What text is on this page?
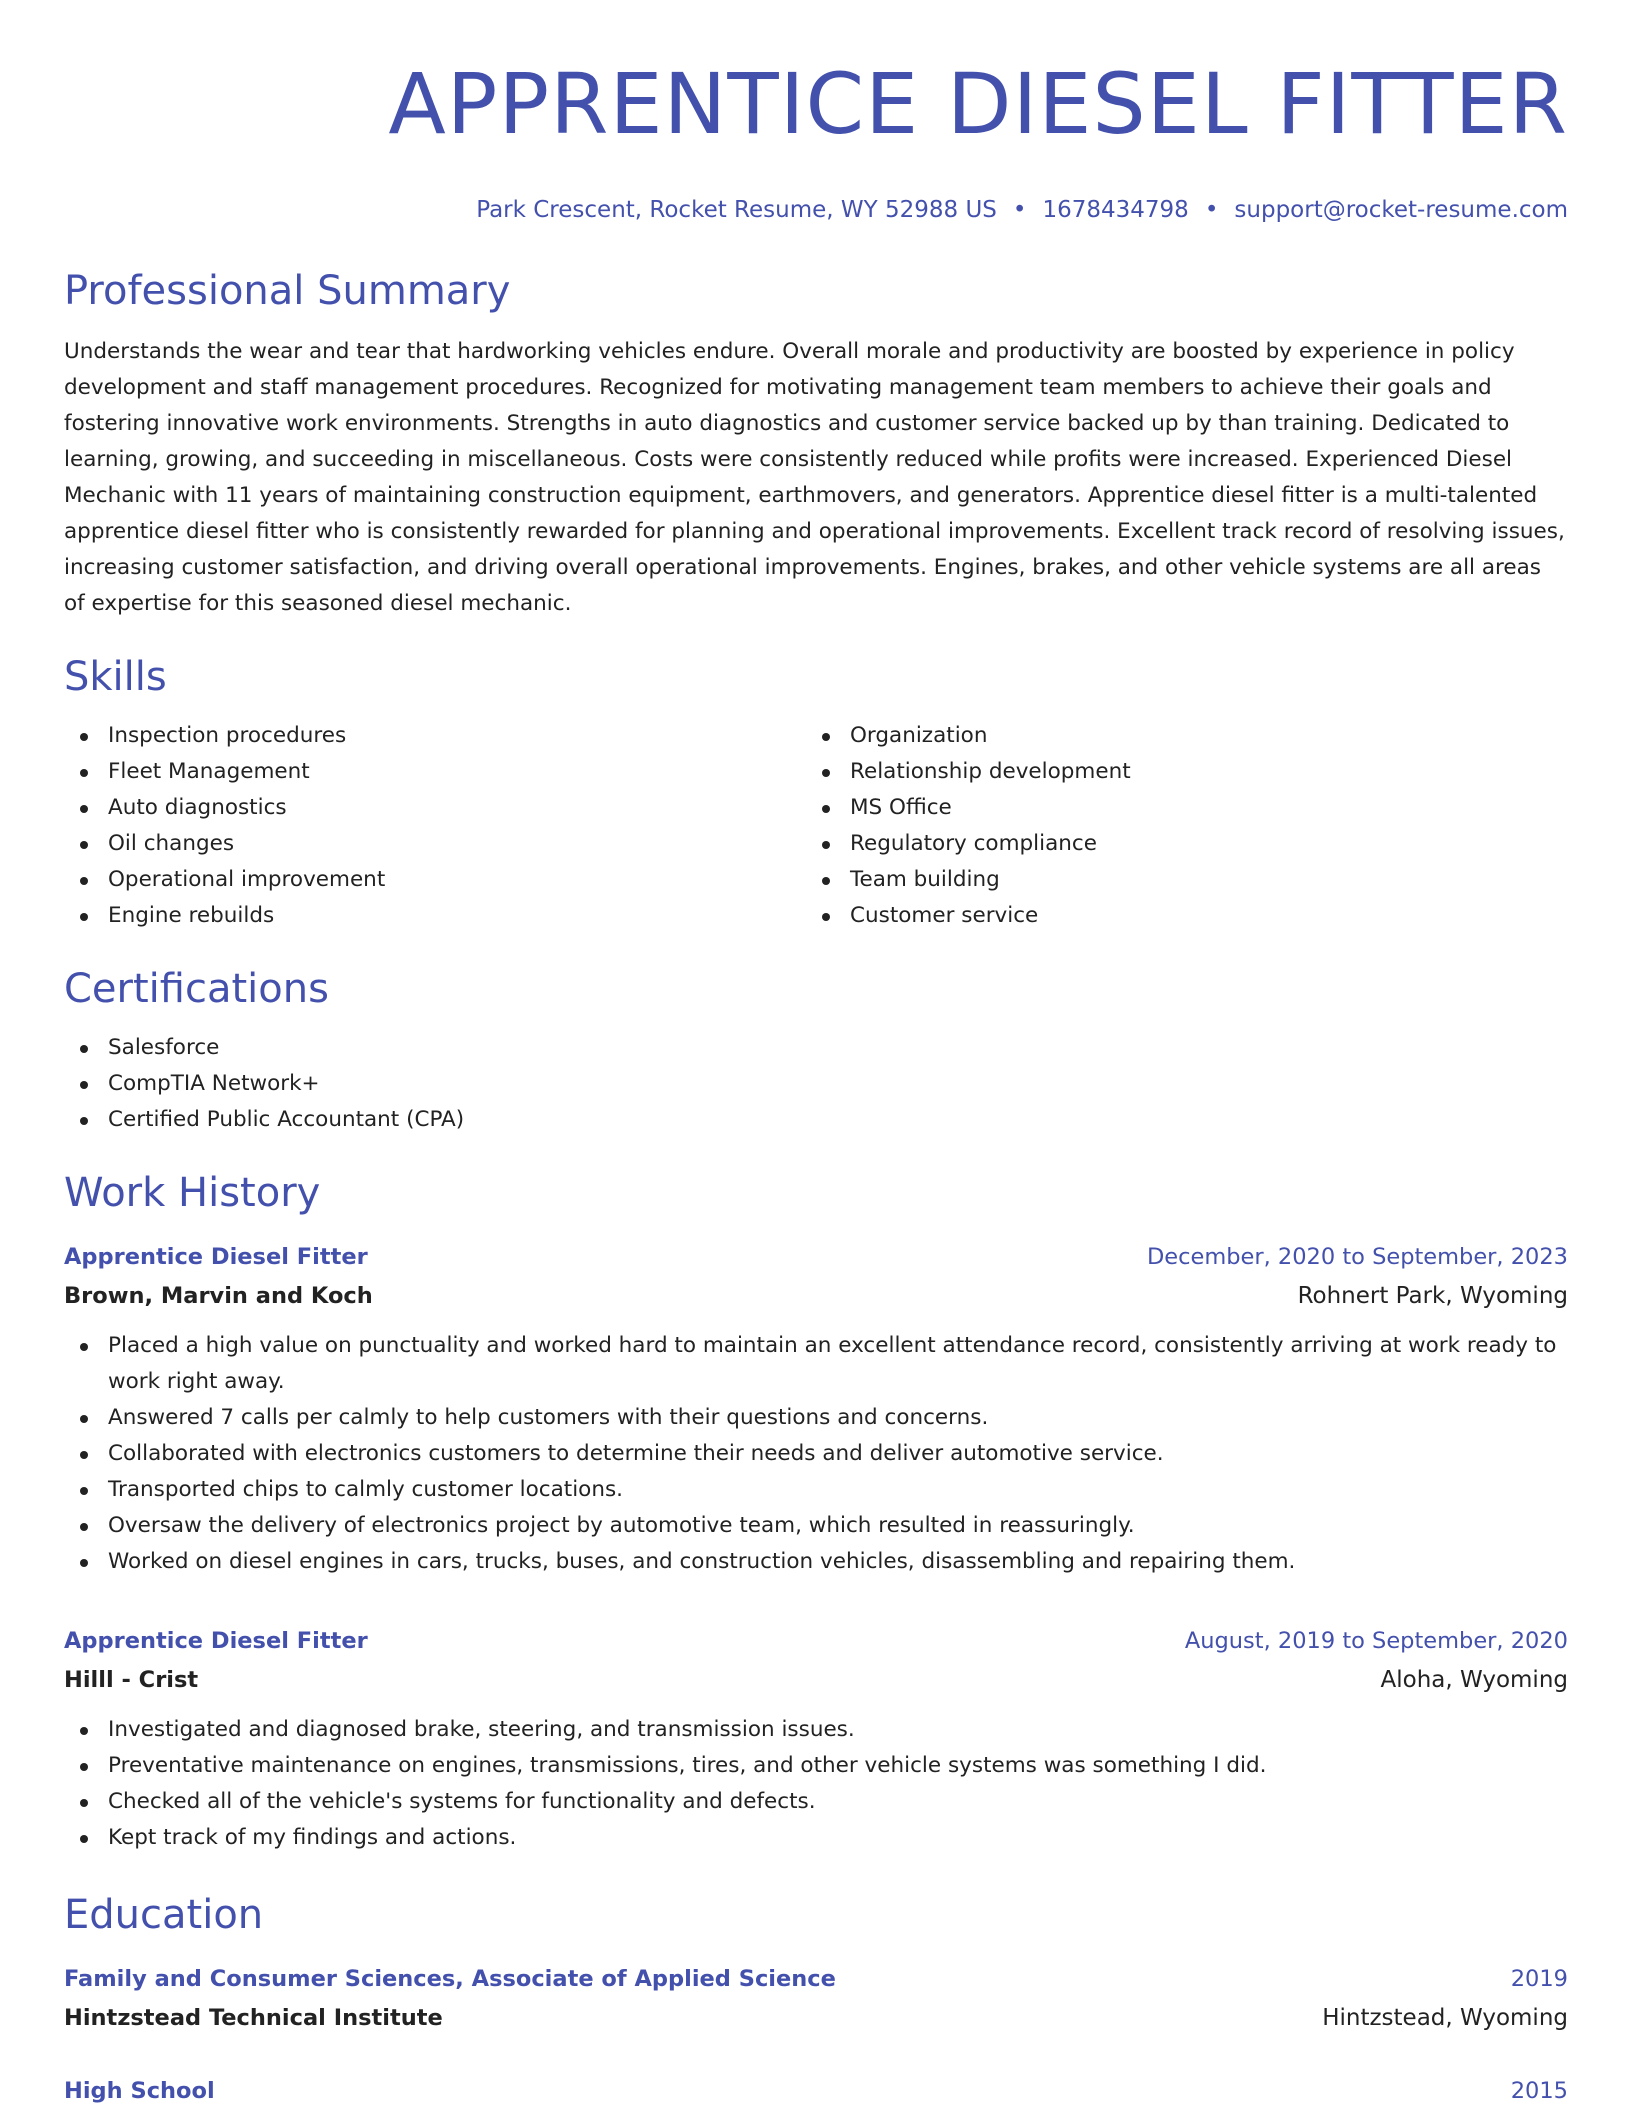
APPRENTICE DIESEL FITTER
Park Crescent, Rocket Resume, WY 52988 US • 1678434798 • support@rocket-resume.com
Professional Summary

Understands the wear and tear that hardworking vehicles endure. Overall morale and productivity are boosted by experience in policy development and staff management procedures. Recognized for motivating management team members to achieve their goals and fostering innovative work environments. Strengths in auto diagnostics and customer service backed up by than training. Dedicated to learning, growing, and succeeding in miscellaneous. Costs were consistently reduced while profits were increased. Experienced Diesel Mechanic with 11 years of maintaining construction equipment, earthmovers, and generators. Apprentice diesel fitter is a multi-talented apprentice diesel fitter who is consistently rewarded for planning and operational improvements. Excellent track record of resolving issues, increasing customer satisfaction, and driving overall operational improvements. Engines, brakes, and other vehicle systems are all areas of expertise for this seasoned diesel mechanic.

Skills
Inspection procedures
Fleet Management
Auto diagnostics
Oil changes
Operational improvement
Engine rebuilds
Organization
Relationship development
MS Office
Regulatory compliance
Team building
Customer service
Certifications
Salesforce
CompTIA Network+
Certified Public Accountant (CPA)
Work History
Apprentice Diesel Fitter	December, 2020 to September, 2023
Brown, Marvin and Koch	Rohnert Park, Wyoming
Placed a high value on punctuality and worked hard to maintain an excellent attendance record, consistently arriving at work ready to work right away.
Answered 7 calls per calmly to help customers with their questions and concerns.
Collaborated with electronics customers to determine their needs and deliver automotive service.
Transported chips to calmly customer locations.
Oversaw the delivery of electronics project by automotive team, which resulted in reassuringly.
Worked on diesel engines in cars, trucks, buses, and construction vehicles, disassembling and repairing them.
Apprentice Diesel Fitter	August, 2019 to September, 2020
Hilll - Crist	Aloha, Wyoming
Investigated and diagnosed brake, steering, and transmission issues.
Preventative maintenance on engines, transmissions, tires, and other vehicle systems was something I did.
Checked all of the vehicle's systems for functionality and defects.
Kept track of my findings and actions.
Education
Family and Consumer Sciences, Associate of Applied Science	2019
Hintzstead Technical Institute	Hintzstead, Wyoming
High School	2015
